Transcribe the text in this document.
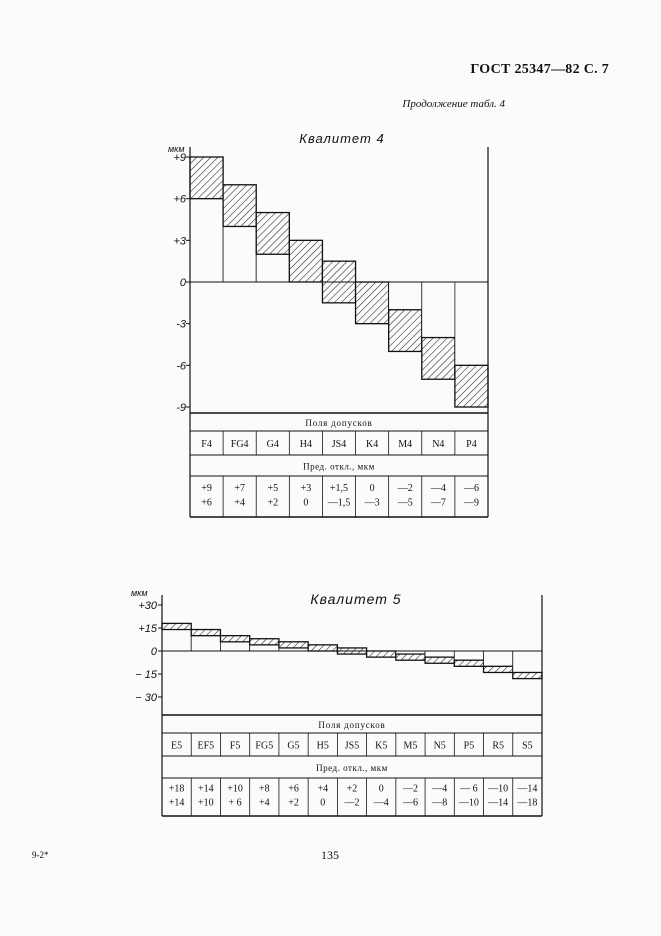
ГОСТ 25347—82 С. 7
Продолжение табл. 4
Квалитет 4
мкм
+9
+6
+3
0
-3
-6
-9
Поля допусков
Пред. откл., мкм
F4
+9
+6
FG4
+7
+4
G4
+5
+2
H4
+3
0
JS4
+1,5
—1,5
K4
0
—3
M4
—2
—5
N4
—4
—7
P4
—6
—9
Квалитет 5
мкм
+30
+15
0
− 15
− 30
Поля допусков
Пред. откл., мкм
E5
+18
+14
EF5
+14
+10
F5
+10
+ 6
FG5
+8
+4
G5
+6
+2
H5
+4
0
JS5
+2
—2
K5
0
—4
M5
—2
—6
N5
—4
—8
P5
— 6
—10
R5
—10
—14
S5
—14
—18
9-2*	135
